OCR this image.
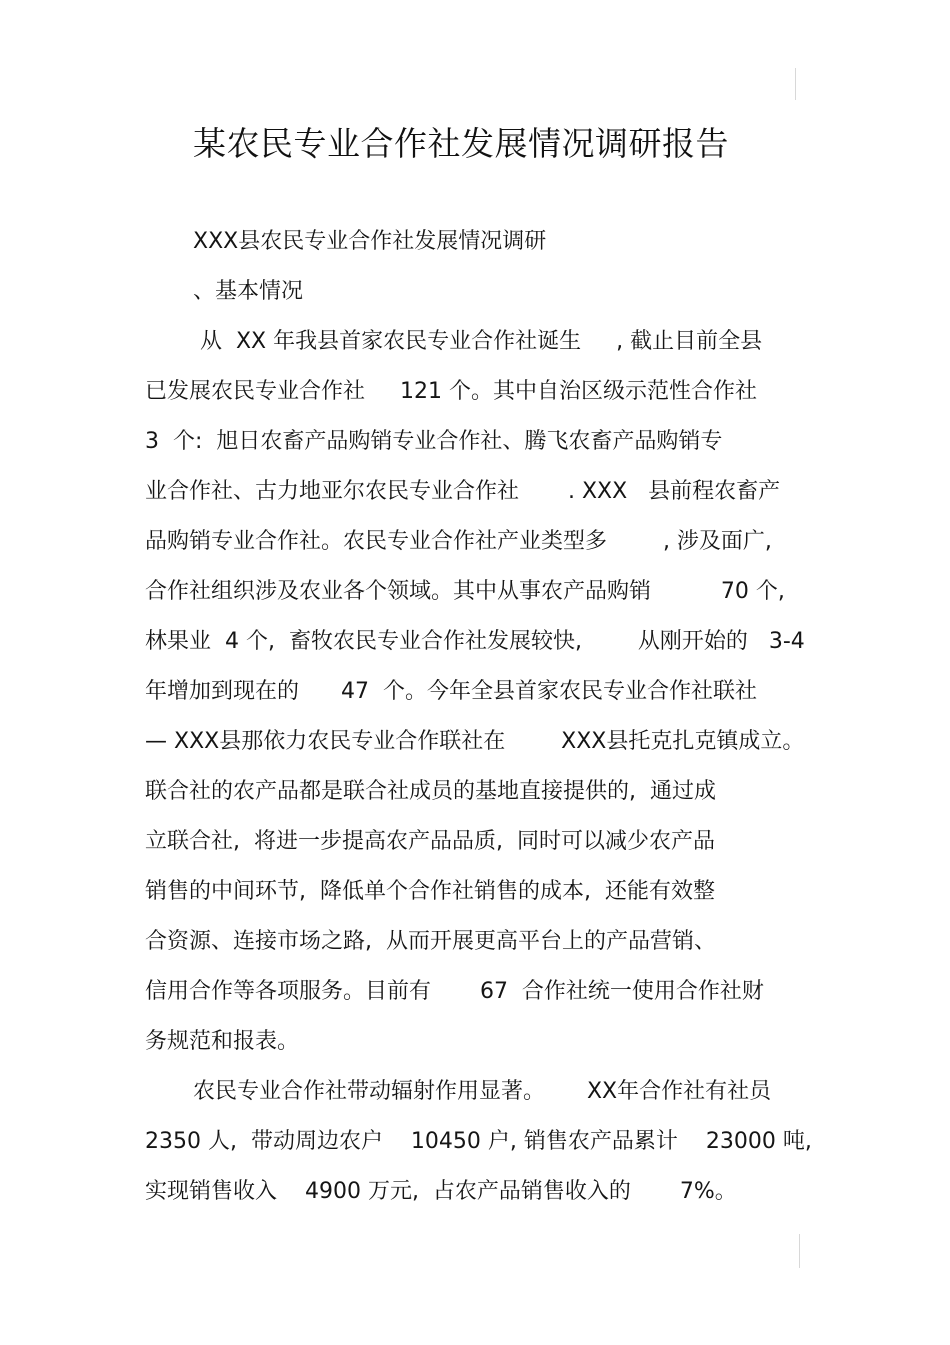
某农民专业合作社发展情况调研报告
XXX县农民专业合作社发展情况调研
、基本情况
从  XX 年我县首家农民专业合作社诞生     , 截止目前全县
已发展农民专业合作社     121 个。其中自治区级示范性合作社
3  个:  旭日农畜产品购销专业合作社、腾飞农畜产品购销专
业合作社、古力地亚尔农民专业合作社       . XXX   县前程农畜产
品购销专业合作社。农民专业合作社产业类型多        , 涉及面广,
合作社组织涉及农业各个领域。其中从事农产品购销          70 个,
林果业  4 个,  畜牧农民专业合作社发展较快,        从刚开始的   3-4
年增加到现在的      47  个。今年全县首家农民专业合作社联社
— XXX县那依力农民专业合作联社在        XXX县托克扎克镇成立。
联合社的农产品都是联合社成员的基地直接提供的,  通过成
立联合社,  将进一步提高农产品品质,  同时可以减少农产品
销售的中间环节,  降低单个合作社销售的成本,  还能有效整
合资源、连接市场之路,  从而开展更高平台上的产品营销、
信用合作等各项服务。目前有       67  合作社统一使用合作社财
务规范和报表。
农民专业合作社带动辐射作用显著。      XX年合作社有社员
2350 人,  带动周边农户    10450 户, 销售农产品累计    23000 吨,
实现销售收入    4900 万元,  占农产品销售收入的       7%。
